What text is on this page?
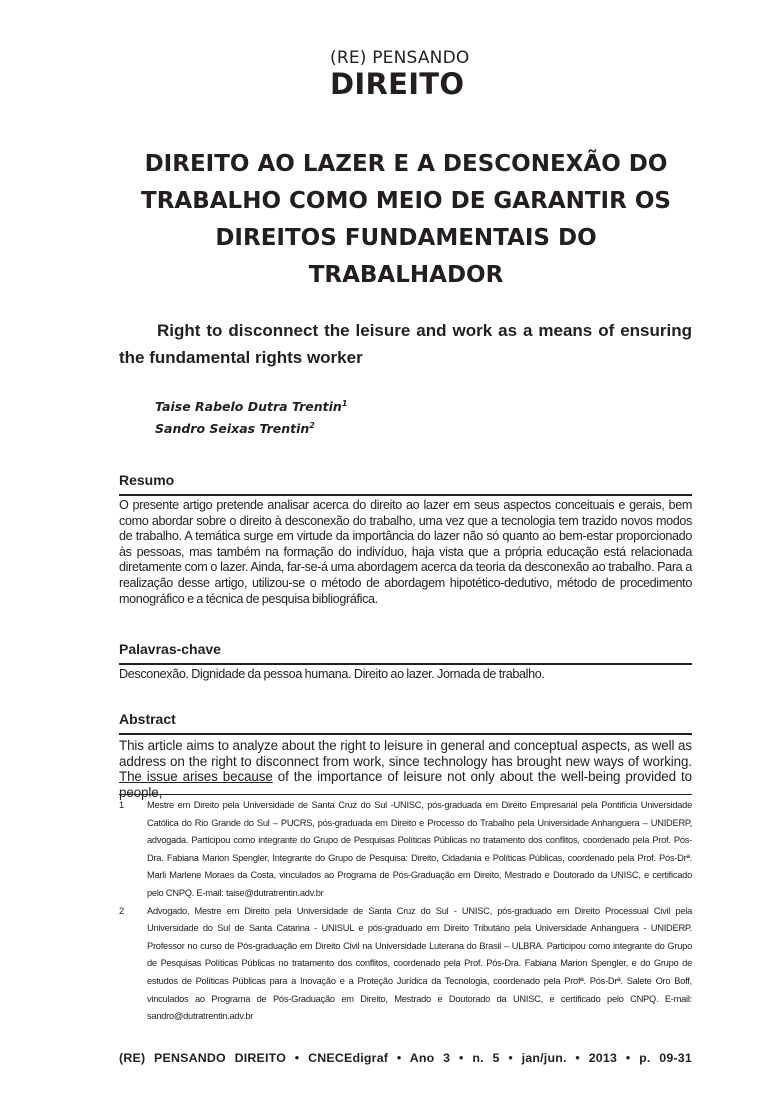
(RE) PENSANDO
DIREITO
DIREITO AO LAZER E A DESCONEXÃO DO TRABALHO COMO MEIO DE GARANTIR OS DIREITOS FUNDAMENTAIS DO TRABALHADOR

Right to disconnect the leisure and work as a means of ensuring the fundamental rights worker

Taise Rabelo Dutra Trentin$^1$
Sandro Seixas Trentin$^2$
Resumo
O presente artigo pretende analisar acerca do direito ao lazer em seus aspectos conceituais e gerais, bem como abordar sobre o direito à desconexão do trabalho, uma vez que a tecnologia tem trazido novos modos de trabalho. A temática surge em virtude da importância do lazer não só quanto ao bem-estar proporcionado às pessoas, mas também na formação do indivíduo, haja vista que a própria educação está relacionada diretamente com o lazer. Ainda, far-se-á uma abordagem acerca da teoria da desconexão ao trabalho. Para a realização desse artigo, utilizou-se o método de abordagem hipotético-dedutivo, método de procedimento monográfico e a técnica de pesquisa bibliográfica.
Palavras-chave
Desconexão. Dignidade da pessoa humana. Direito ao lazer. Jornada de trabalho.
Abstract
This article aims to analyze about the right to leisure in general and conceptual aspects, as well as address on the right to disconnect from work, since technology has brought new ways of working. The issue arises because of the importance of leisure not only about the well-being provided to people,
1	Mestre em Direito pela Universidade de Santa Cruz do Sul -UNISC, pós-graduada em Direito Empresarial pela Pontifícia Universidade Católica do Rio Grande do Sul – PUCRS, pós-graduada em Direito e Processo do Trabalho pela Universidade Anhanguera – UNIDERP, advogada. Participou como integrante do Grupo de Pesquisas Políticas Públicas no tratamento dos conflitos, coordenado pela Prof. Pós-Dra. Fabiana Marion Spengler, Integrante do Grupo de Pesquisa: Direito, Cidadania e Políticas Públicas, coordenado pela Prof. Pós-Drª. Marli Marlene Moraes da Costa, vinculados ao Programa de Pós-Graduação em Direito, Mestrado e Doutorado da UNISC, e certificado pelo CNPQ. E-mail: taise@dutratrentin.adv.br
2	Advogado, Mestre em Direito pela Universidade de Santa Cruz do Sul - UNISC, pós-graduado em Direito Processual Civil pela Universidade do Sul de Santa Catarina - UNISUL e pós-graduado em Direito Tributário pela Universidade Anhanguera - UNIDERP. Professor no curso de Pós-graduação em Direito Civil na Universidade Luterana do Brasil – ULBRA. Participou como integrante do Grupo de Pesquisas Políticas Públicas no tratamento dos conflitos, coordenado pela Prof. Pós-Dra. Fabiana Marion Spengler, e do Grupo de estudos de Políticas Públicas para a Inovação e a Proteção Jurídica da Tecnologia, coordenado pela Profª. Pós-Drª. Salete Oro Boff, vinculados ao Programa de Pós-Graduação em Direito, Mestrado e Doutorado da UNISC, e certificado pelo CNPQ. E-mail: sandro@dutratrentin.adv.br
(RE) PENSANDO DIREITO • CNECEdigraf • Ano 3 • n. 5 • jan/jun. • 2013 • p. 09-31
